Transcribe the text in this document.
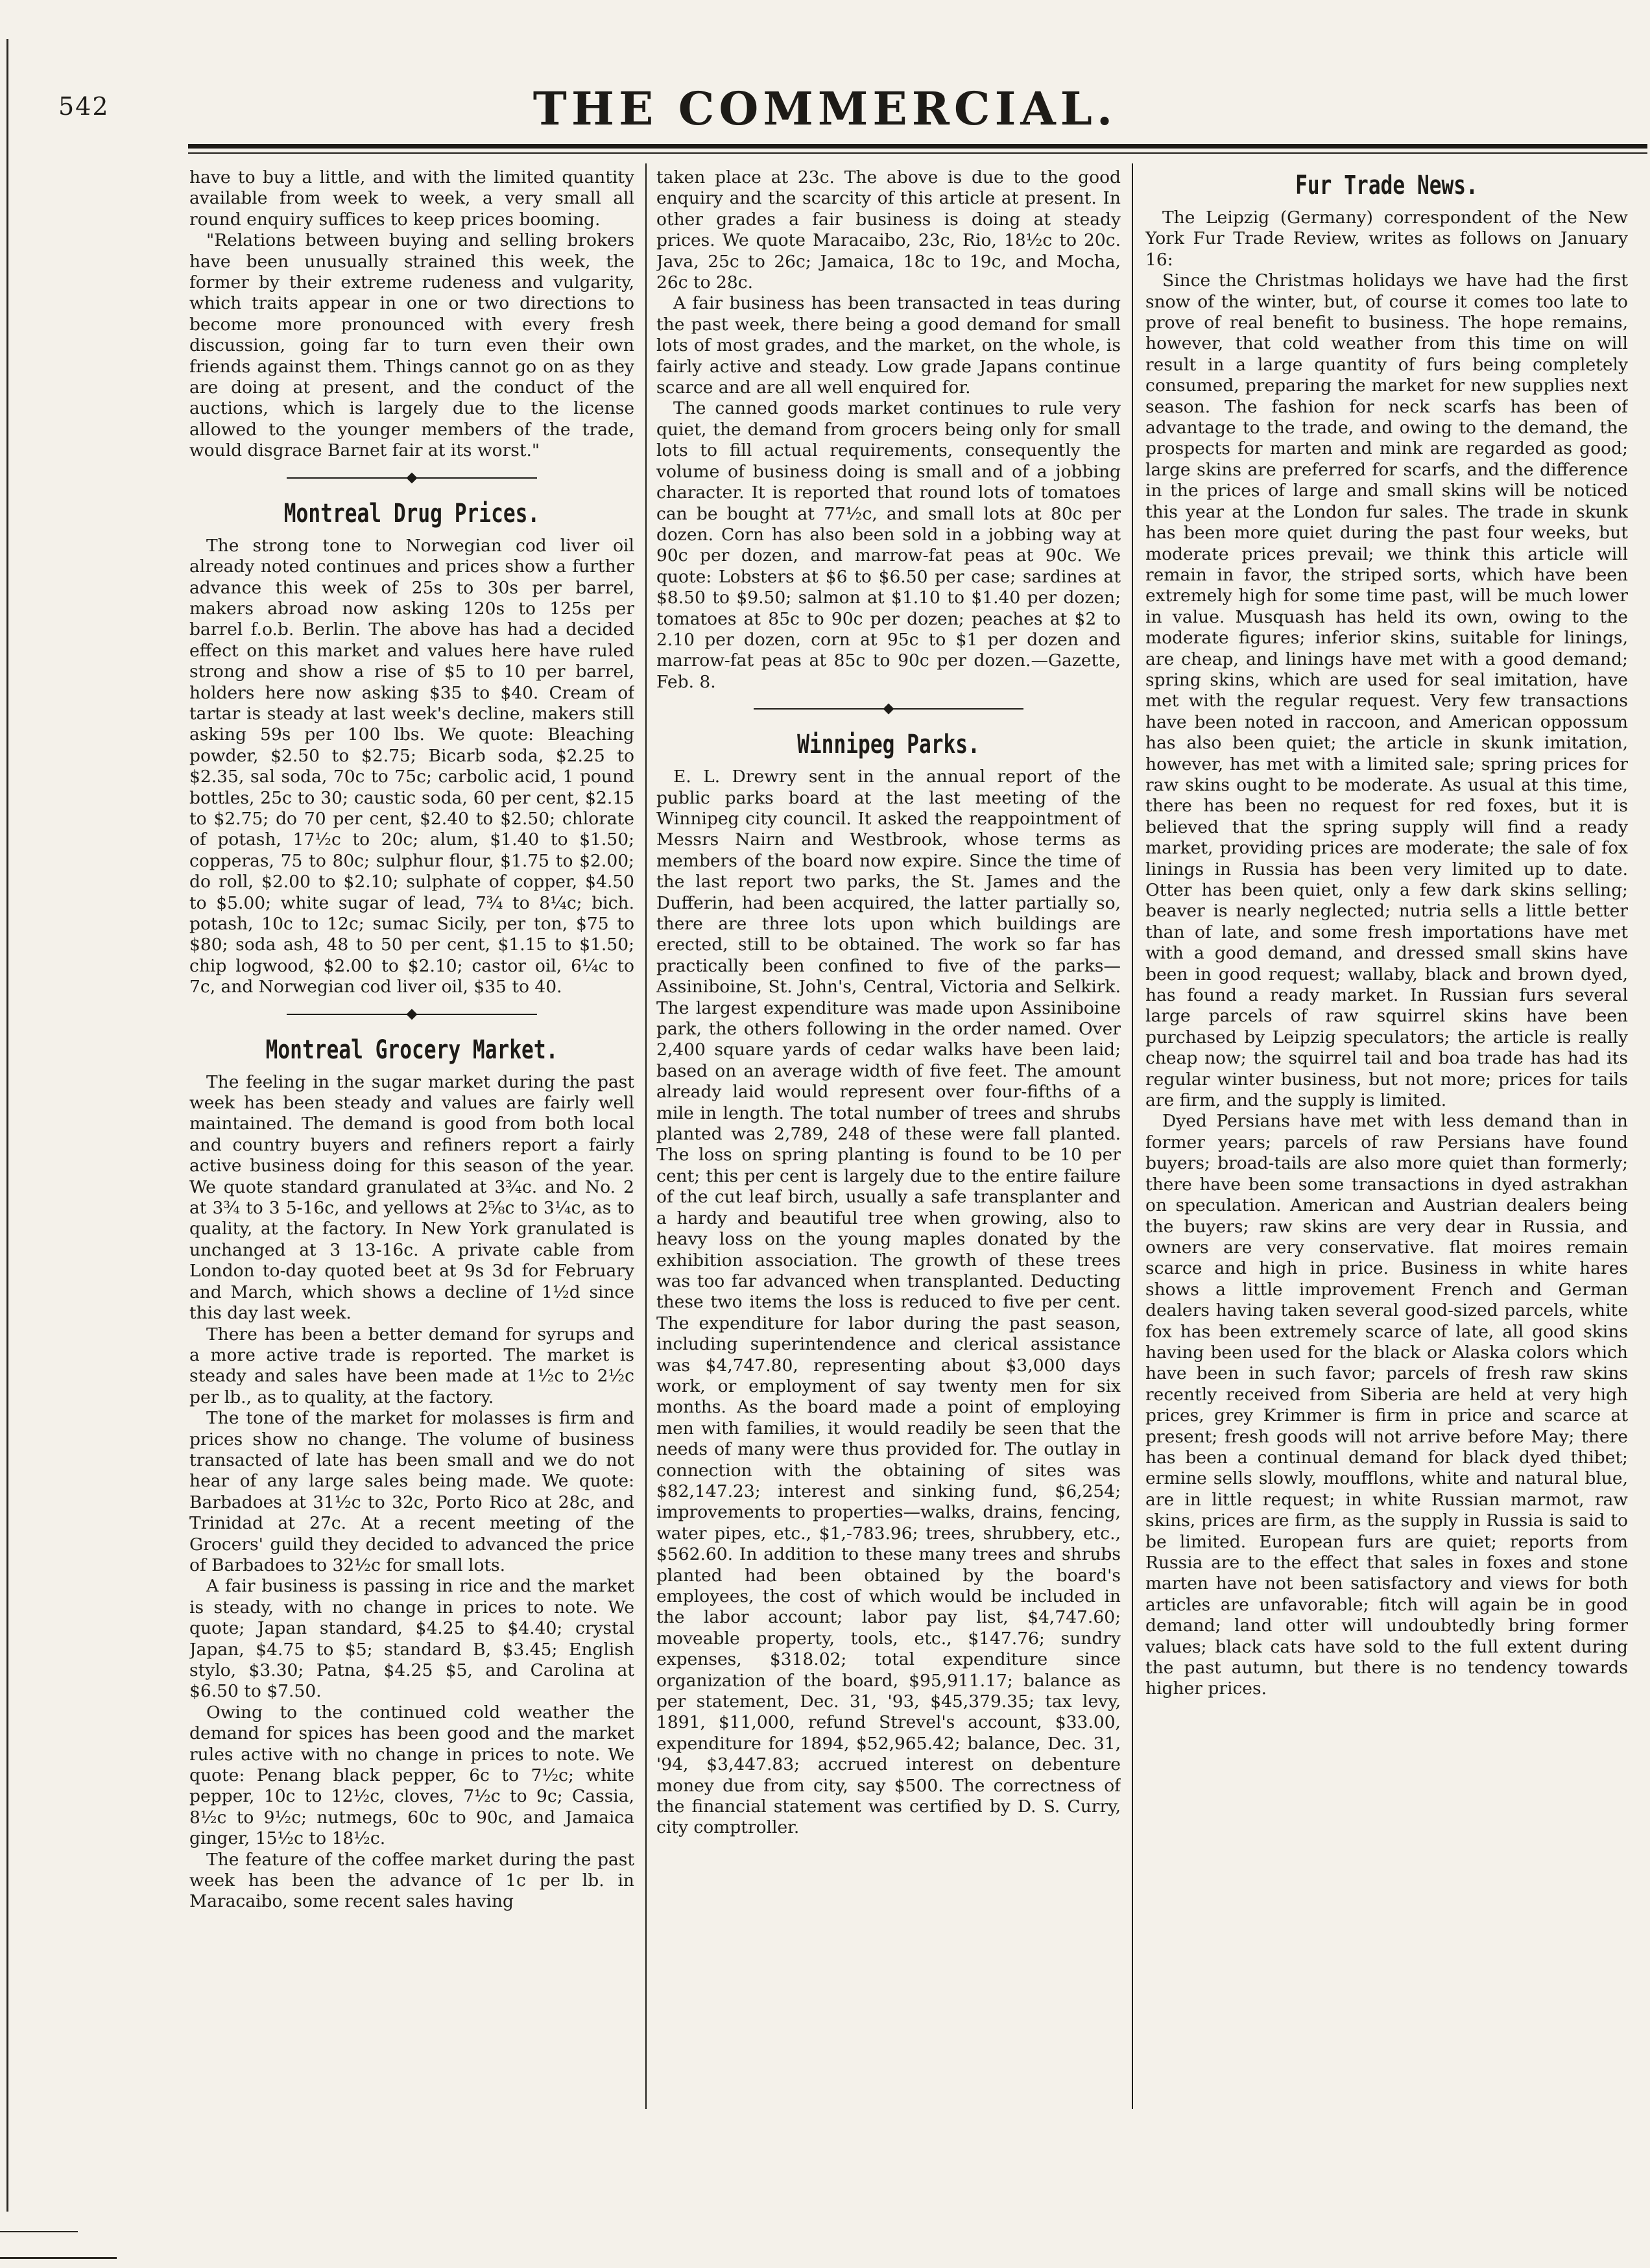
542	THE COMMERCIAL.

have to buy a little, and with the limited quantity available from week to week, a very small all round enquiry suffices to keep prices booming.

"Relations between buying and selling brokers have been unusually strained this week, the former by their extreme rudeness and vulgarity, which traits appear in one or two directions to become more pronounced with every fresh discussion, going far to turn even their own friends against them. Things cannot go on as they are doing at present, and the conduct of the auctions, which is largely due to the license allowed to the younger members of the trade, would disgrace Barnet fair at its worst."

Montreal Drug Prices.

The strong tone to Norwegian cod liver oil already noted continues and prices show a further advance this week of 25s to 30s per barrel, makers abroad now asking 120s to 125s per barrel f.o.b. Berlin. The above has had a decided effect on this market and values here have ruled strong and show a rise of $5 to 10 per barrel, holders here now asking $35 to $40. Cream of tartar is steady at last week's decline, makers still asking 59s per 100 lbs. We quote: Bleaching powder, $2.50 to $2.75; Bicarb soda, $2.25 to $2.35, sal soda, 70c to 75c; carbolic acid, 1 pound bottles, 25c to 30; caustic soda, 60 per cent, $2.15 to $2.75; do 70 per cent, $2.40 to $2.50; chlorate of potash, 17½c to 20c; alum, $1.40 to $1.50; copperas, 75 to 80c; sulphur flour, $1.75 to $2.00; do roll, $2.00 to $2.10; sulphate of copper, $4.50 to $5.00; white sugar of lead, 7¾ to 8¼c; bich. potash, 10c to 12c; sumac Sicily, per ton, $75 to $80; soda ash, 48 to 50 per cent, $1.15 to $1.50; chip logwood, $2.00 to $2.10; castor oil, 6¼c to 7c, and Norwegian cod liver oil, $35 to 40.

Montreal Grocery Market.

The feeling in the sugar market during the past week has been steady and values are fairly well maintained. The demand is good from both local and country buyers and refiners report a fairly active business doing for this season of the year. We quote standard granulated at 3¾c. and No. 2 at 3¾ to 3 5-16c, and yellows at 2⅝c to 3¼c, as to quality, at the factory. In New York granulated is unchanged at 3 13-16c. A private cable from London to-day quoted beet at 9s 3d for February and March, which shows a decline of 1½d since this day last week.

There has been a better demand for syrups and a more active trade is reported. The market is steady and sales have been made at 1½c to 2½c per lb., as to quality, at the factory.

The tone of the market for molasses is firm and prices show no change. The volume of business transacted of late has been small and we do not hear of any large sales being made. We quote: Barbadoes at 31½c to 32c, Porto Rico at 28c, and Trinidad at 27c. At a recent meeting of the Grocers' guild they decided to advanced the price of Barbadoes to 32½c for small lots.

A fair business is passing in rice and the market is steady, with no change in prices to note. We quote; Japan standard, $4.25 to $4.40; crystal Japan, $4.75 to $5; standard B, $3.45; English stylo, $3.30; Patna, $4.25 $5, and Carolina at $6.50 to $7.50.

Owing to the continued cold weather the demand for spices has been good and the market rules active with no change in prices to note. We quote: Penang black pepper, 6c to 7½c; white pepper, 10c to 12½c, cloves, 7½c to 9c; Cassia, 8½c to 9½c; nutmegs, 60c to 90c, and Jamaica ginger, 15½c to 18½c.

The feature of the coffee market during the past week has been the advance of 1c per lb. in Maracaibo, some recent sales having

taken place at 23c. The above is due to the good enquiry and the scarcity of this article at present. In other grades a fair business is doing at steady prices. We quote Maracaibo, 23c, Rio, 18½c to 20c. Java, 25c to 26c; Jamaica, 18c to 19c, and Mocha, 26c to 28c.

A fair business has been transacted in teas during the past week, there being a good demand for small lots of most grades, and the market, on the whole, is fairly active and steady. Low grade Japans continue scarce and are all well enquired for.

The canned goods market continues to rule very quiet, the demand from grocers being only for small lots to fill actual requirements, consequently the volume of business doing is small and of a jobbing character. It is reported that round lots of tomatoes can be bought at 77½c, and small lots at 80c per dozen. Corn has also been sold in a jobbing way at 90c per dozen, and marrow-fat peas at 90c. We quote: Lobsters at $6 to $6.50 per case; sardines at $8.50 to $9.50; salmon at $1.10 to $1.40 per dozen; tomatoes at 85c to 90c per dozen; peaches at $2 to 2.10 per dozen, corn at 95c to $1 per dozen and marrow-fat peas at 85c to 90c per dozen.—Gazette, Feb. 8.

Winnipeg Parks.

E. L. Drewry sent in the annual report of the public parks board at the last meeting of the Winnipeg city council. It asked the reappointment of Messrs Nairn and Westbrook, whose terms as members of the board now expire. Since the time of the last report two parks, the St. James and the Dufferin, had been acquired, the latter partially so, there are three lots upon which buildings are erected, still to be obtained. The work so far has practically been confined to five of the parks—Assiniboine, St. John's, Central, Victoria and Selkirk. The largest expenditure was made upon Assiniboine park, the others following in the order named. Over 2,400 square yards of cedar walks have been laid; based on an average width of five feet. The amount already laid would represent over four-fifths of a mile in length. The total number of trees and shrubs planted was 2,789, 248 of these were fall planted. The loss on spring planting is found to be 10 per cent; this per cent is largely due to the entire failure of the cut leaf birch, usually a safe transplanter and a hardy and beautiful tree when growing, also to heavy loss on the young maples donated by the exhibition association. The growth of these trees was too far advanced when transplanted. Deducting these two items the loss is reduced to five per cent. The expenditure for labor during the past season, including superintendence and clerical assistance was $4,747.80, representing about $3,000 days work, or employment of say twenty men for six months. As the board made a point of employing men with families, it would readily be seen that the needs of many were thus provided for. The outlay in connection with the obtaining of sites was $82,147.23; interest and sinking fund, $6,254; improvements to properties—walks, drains, fencing, water pipes, etc., $1,-783.96; trees, shrubbery, etc., $562.60. In addition to these many trees and shrubs planted had been obtained by the board's employees, the cost of which would be included in the labor account; labor pay list, $4,747.60; moveable property, tools, etc., $147.76; sundry expenses, $318.02; total expenditure since organization of the board, $95,911.17; balance as per statement, Dec. 31, '93, $45,379.35; tax levy, 1891, $11,000, refund Strevel's account, $33.00, expenditure for 1894, $52,965.42; balance, Dec. 31, '94, $3,447.83; accrued interest on debenture money due from city, say $500. The correctness of the financial statement was certified by D. S. Curry, city comptroller.

Fur Trade News.

The Leipzig (Germany) correspondent of the New York Fur Trade Review, writes as follows on January 16:

Since the Christmas holidays we have had the first snow of the winter, but, of course it comes too late to prove of real benefit to business. The hope remains, however, that cold weather from this time on will result in a large quantity of furs being completely consumed, preparing the market for new supplies next season. The fashion for neck scarfs has been of advantage to the trade, and owing to the demand, the prospects for marten and mink are regarded as good; large skins are preferred for scarfs, and the difference in the prices of large and small skins will be noticed this year at the London fur sales. The trade in skunk has been more quiet during the past four weeks, but moderate prices prevail; we think this article will remain in favor, the striped sorts, which have been extremely high for some time past, will be much lower in value. Musquash has held its own, owing to the moderate figures; inferior skins, suitable for linings, are cheap, and linings have met with a good demand; spring skins, which are used for seal imitation, have met with the regular request. Very few transactions have been noted in raccoon, and American oppossum has also been quiet; the article in skunk imitation, however, has met with a limited sale; spring prices for raw skins ought to be moderate. As usual at this time, there has been no request for red foxes, but it is believed that the spring supply will find a ready market, providing prices are moderate; the sale of fox linings in Russia has been very limited up to date. Otter has been quiet, only a few dark skins selling; beaver is nearly neglected; nutria sells a little better than of late, and some fresh importations have met with a good demand, and dressed small skins have been in good request; wallaby, black and brown dyed, has found a ready market. In Russian furs several large parcels of raw squirrel skins have been purchased by Leipzig speculators; the article is really cheap now; the squirrel tail and boa trade has had its regular winter business, but not more; prices for tails are firm, and the supply is limited.

Dyed Persians have met with less demand than in former years; parcels of raw Persians have found buyers; broad-tails are also more quiet than formerly; there have been some transactions in dyed astrakhan on speculation. American and Austrian dealers being the buyers; raw skins are very dear in Russia, and owners are very conservative. flat moires remain scarce and high in price. Business in white hares shows a little improvement French and German dealers having taken several good-sized parcels, white fox has been extremely scarce of late, all good skins having been used for the black or Alaska colors which have been in such favor; parcels of fresh raw skins recently received from Siberia are held at very high prices, grey Krimmer is firm in price and scarce at present; fresh goods will not arrive before May; there has been a continual demand for black dyed thibet; ermine sells slowly, moufflons, white and natural blue, are in little request; in white Russian marmot, raw skins, prices are firm, as the supply in Russia is said to be limited. European furs are quiet; reports from Russia are to the effect that sales in foxes and stone marten have not been satisfactory and views for both articles are unfavorable; fitch will again be in good demand; land otter will undoubtedly bring former values; black cats have sold to the full extent during the past autumn, but there is no tendency towards higher prices.
